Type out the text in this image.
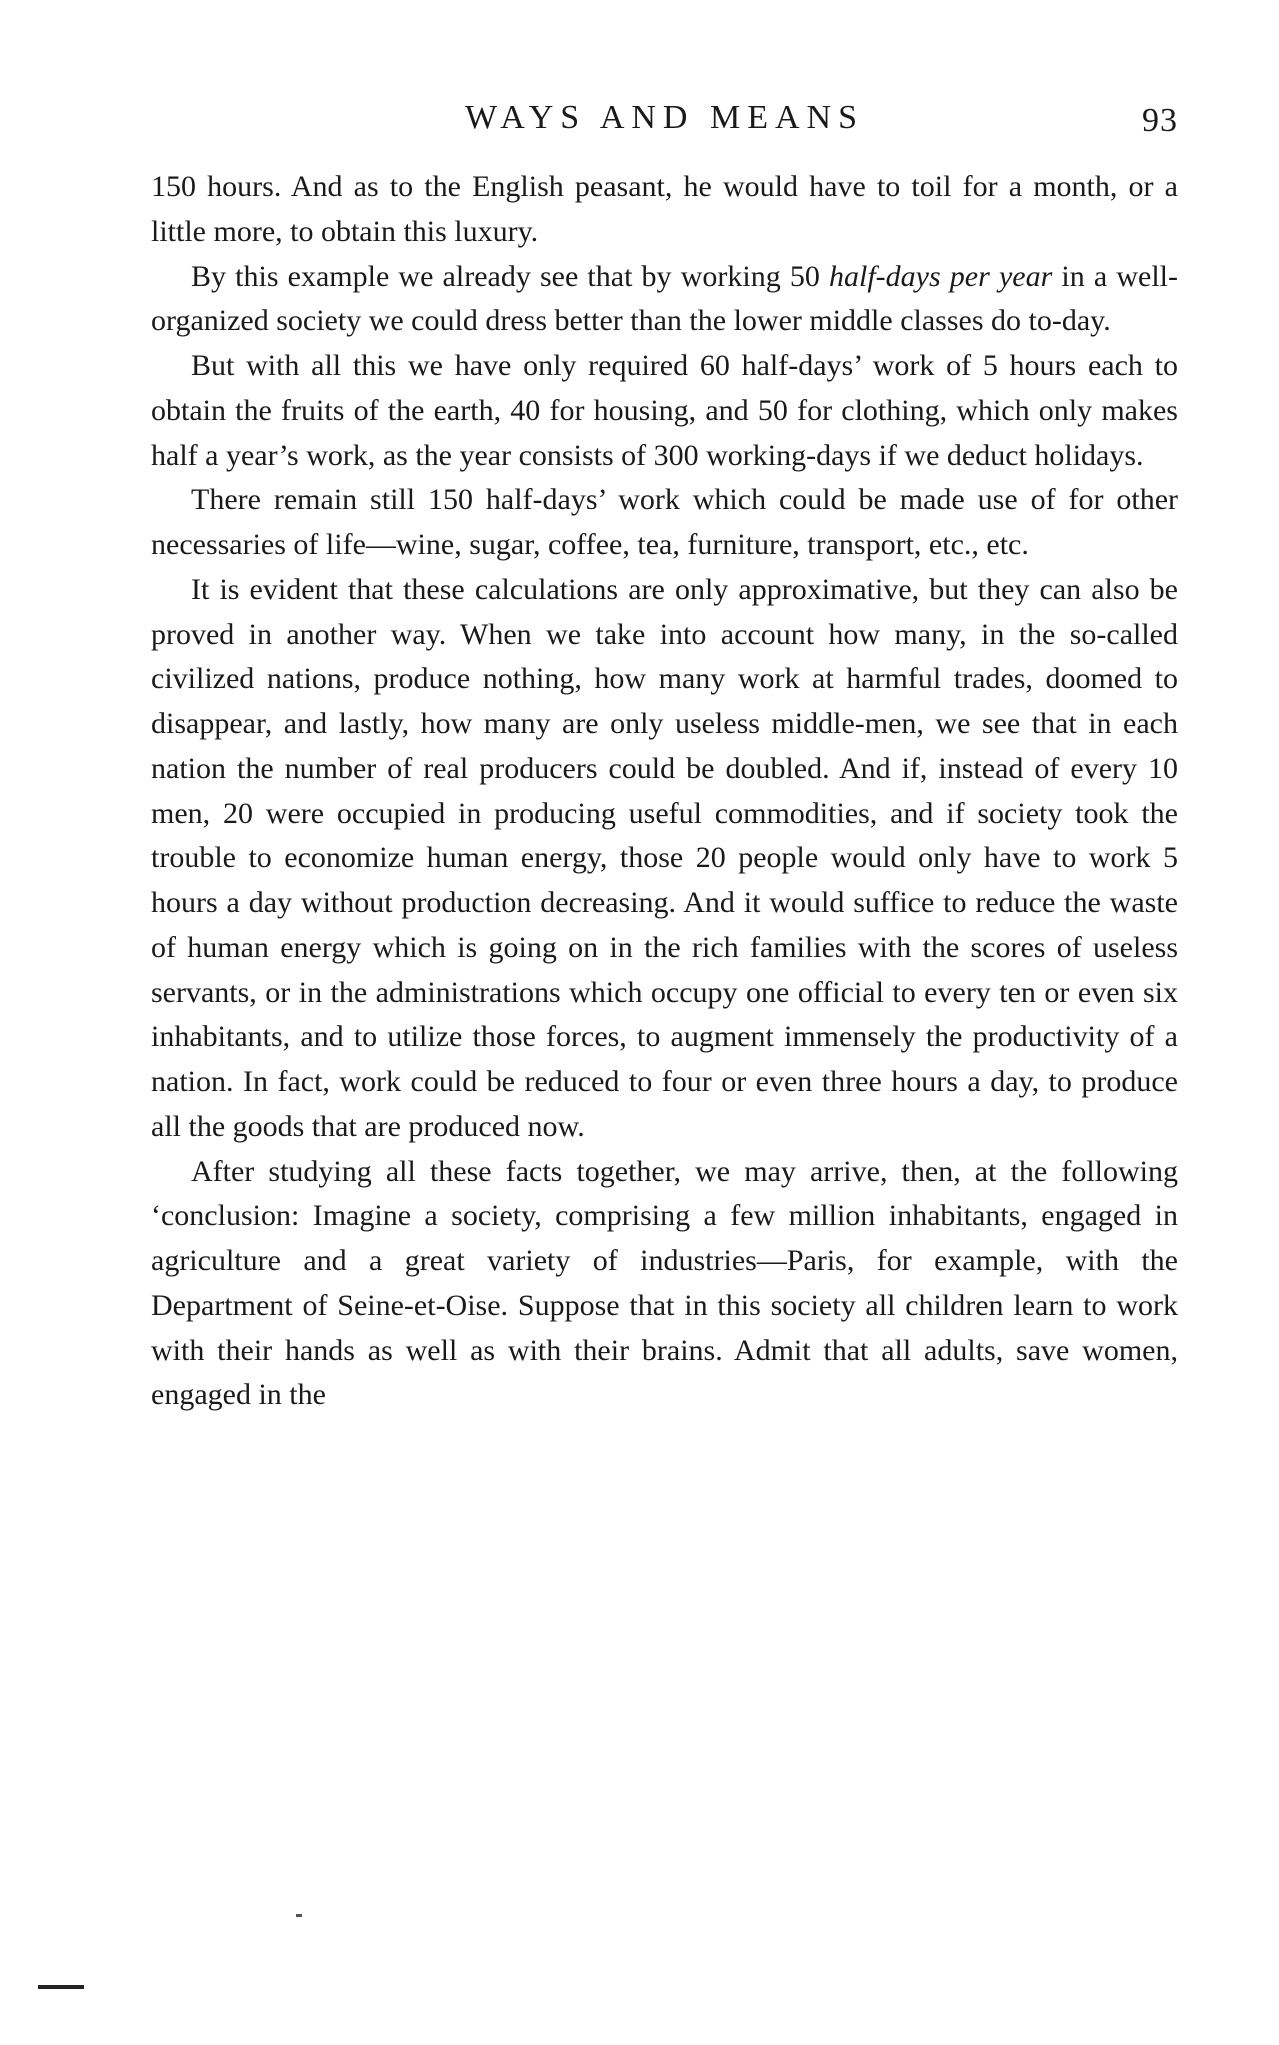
WAYS AND MEANS	93

150 hours. And as to the English peasant, he would have to toil for a month, or a little more, to obtain this luxury.

By this example we already see that by working 50 half-days per year in a well-organized society we could dress better than the lower middle classes do to-day.

But with all this we have only required 60 half-days’ work of 5 hours each to obtain the fruits of the earth, 40 for housing, and 50 for clothing, which only makes half a year’s work, as the year consists of 300 working-days if we deduct holidays.

There remain still 150 half-days’ work which could be made use of for other necessaries of life—wine, sugar, coffee, tea, furniture, transport, etc., etc.

It is evident that these calculations are only approximative, but they can also be proved in another way. When we take into account how many, in the so-called civilized nations, produce nothing, how many work at harmful trades, doomed to disappear, and lastly, how many are only useless middle-men, we see that in each nation the number of real producers could be doubled. And if, instead of every 10 men, 20 were occupied in producing useful commodities, and if society took the trouble to economize human energy, those 20 people would only have to work 5 hours a day without production decreasing. And it would suffice to reduce the waste of human energy which is going on in the rich families with the scores of useless servants, or in the administrations which occupy one official to every ten or even six inhabitants, and to utilize those forces, to augment immensely the productivity of a nation. In fact, work could be reduced to four or even three hours a day, to produce all the goods that are produced now.

After studying all these facts together, we may arrive, then, at the following ‘conclusion: Imagine a society, comprising a few million inhabitants, engaged in agriculture and a great variety of industries—Paris, for example, with the Department of Seine-et-Oise. Suppose that in this society all children learn to work with their hands as well as with their brains. Admit that all adults, save women, engaged in the
